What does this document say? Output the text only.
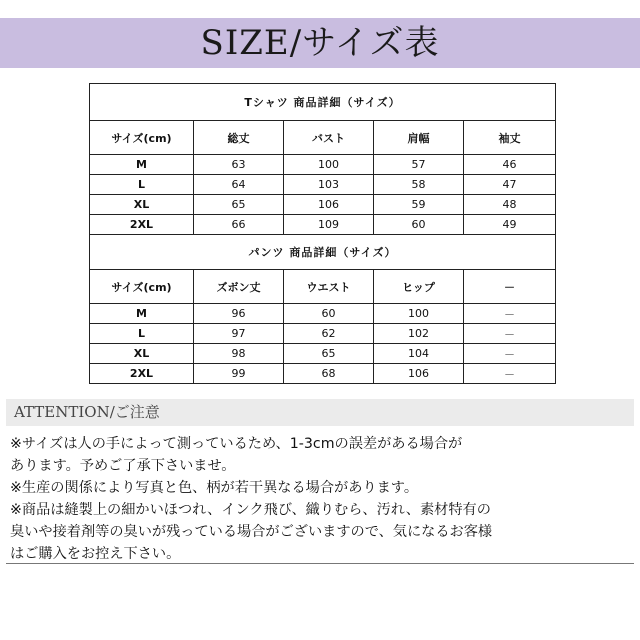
SIZE/サイズ表
Tシャツ 商品詳細（サイズ）				
サイズ(cm)	総丈	バスト	肩幅	袖丈
M	63	100	57	46
L	64	103	58	47
XL	65	106	59	48
2XL	66	109	60	49
パンツ 商品詳細（サイズ）				
サイズ(cm)	ズボン丈	ウエスト	ヒップ	－
M	96	60	100	－
L	97	62	102	－
XL	98	65	104	－
2XL	99	68	106	－
ATTENTION/ご注意
※サイズは人の手によって測っているため、1-3cmの誤差がある場合が
あります。予めご了承下さいませ。
※生産の関係により写真と色、柄が若干異なる場合があります。
※商品は縫製上の細かいほつれ、インク飛び、織りむら、汚れ、素材特有の
臭いや接着剤等の臭いが残っている場合がございますので、気になるお客様
はご購入をお控え下さい。
